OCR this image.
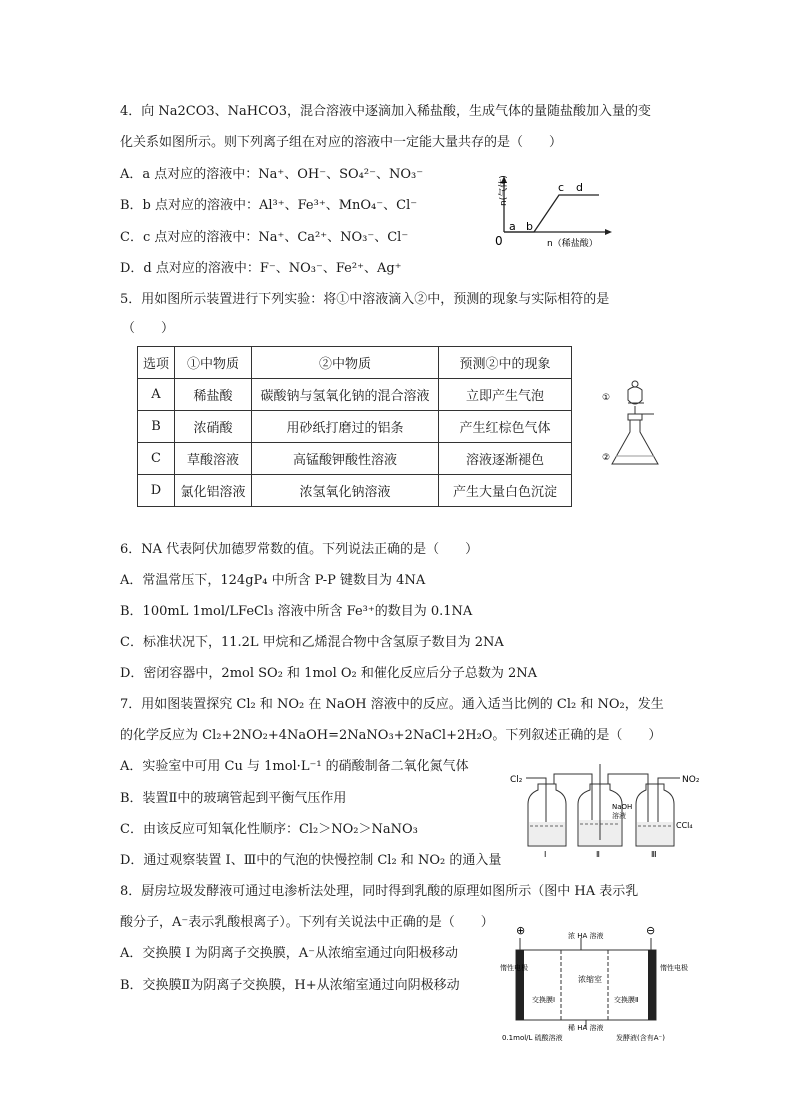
4．向 Na2CO3、NaHCO3，混合溶液中逐滴加入稀盐酸，生成气体的量随盐酸加入量的变
化关系如图所示。则下列离子组在对应的溶液中一定能大量共存的是（　　）
A．a 点对应的溶液中：Na⁺、OH⁻、SO₄²⁻、NO₃⁻
B．b 点对应的溶液中：Al³⁺、Fe³⁺、MnO₄⁻、Cl⁻
C．c 点对应的溶液中：Na⁺、Ca²⁺、NO₃⁻、Cl⁻
D．d 点对应的溶液中：F⁻、NO₃⁻、Fe²⁺、Ag⁺
n(气体)
0	n（稀盐酸）
a b
c d
5．用如图所示装置进行下列实验：将①中溶液滴入②中，预测的现象与实际相符的是
（　　）
选项	①中物质	②中物质	预测②中的现象
A	稀盐酸	碳酸钠与氢氧化钠的混合溶液	立即产生气泡
B	浓硝酸	用砂纸打磨过的铝条	产生红棕色气体
C	草酸溶液	高锰酸钾酸性溶液	溶液逐渐褪色
D	氯化铝溶液	浓氢氧化钠溶液	产生大量白色沉淀
①
②
6．NA 代表阿伏加德罗常数的值。下列说法正确的是（　　）
A．常温常压下，124gP₄ 中所含 P-P 键数目为 4NA
B．100mL 1mol/LFeCl₃ 溶液中所含 Fe³⁺的数目为 0.1NA
C．标准状况下，11.2L 甲烷和乙烯混合物中含氢原子数目为 2NA
D．密闭容器中，2mol SO₂ 和 1mol O₂ 和催化反应后分子总数为 2NA
7．用如图装置探究 Cl₂ 和 NO₂ 在 NaOH 溶液中的反应。通入适当比例的 Cl₂ 和 NO₂，发生
的化学反应为 Cl₂+2NO₂+4NaOH=2NaNO₃+2NaCl+2H₂O。下列叙述正确的是（　　）
A．实验室中可用 Cu 与 1mol·L⁻¹ 的硝酸制备二氧化氮气体
B．装置Ⅱ中的玻璃管起到平衡气压作用
C．由该反应可知氧化性顺序：Cl₂＞NO₂＞NaNO₃
D．通过观察装置 I、Ⅲ中的气泡的快慢控制 Cl₂ 和 NO₂ 的通入量
Cl₂	NO₂
NaOH
溶液
CCl₄
Ⅰ	Ⅱ	Ⅲ
8．厨房垃圾发酵液可通过电渗析法处理，同时得到乳酸的原理如图所示（图中 HA 表示乳
酸分子，A⁻表示乳酸根离子）。下列有关说法中正确的是（　　）
A．交换膜 I 为阴离子交换膜，A⁻从浓缩室通过向阳极移动
B．交换膜Ⅱ为阴离子交换膜，H+从浓缩室通过向阴极移动
⊕	⊖
浓 HA 溶液
稀 HA 溶液
交换膜I	交换膜Ⅱ
浓缩室
惰性电极	惰性电极
0.1mol/L 硫酸溶液	发酵液(含有A⁻)
